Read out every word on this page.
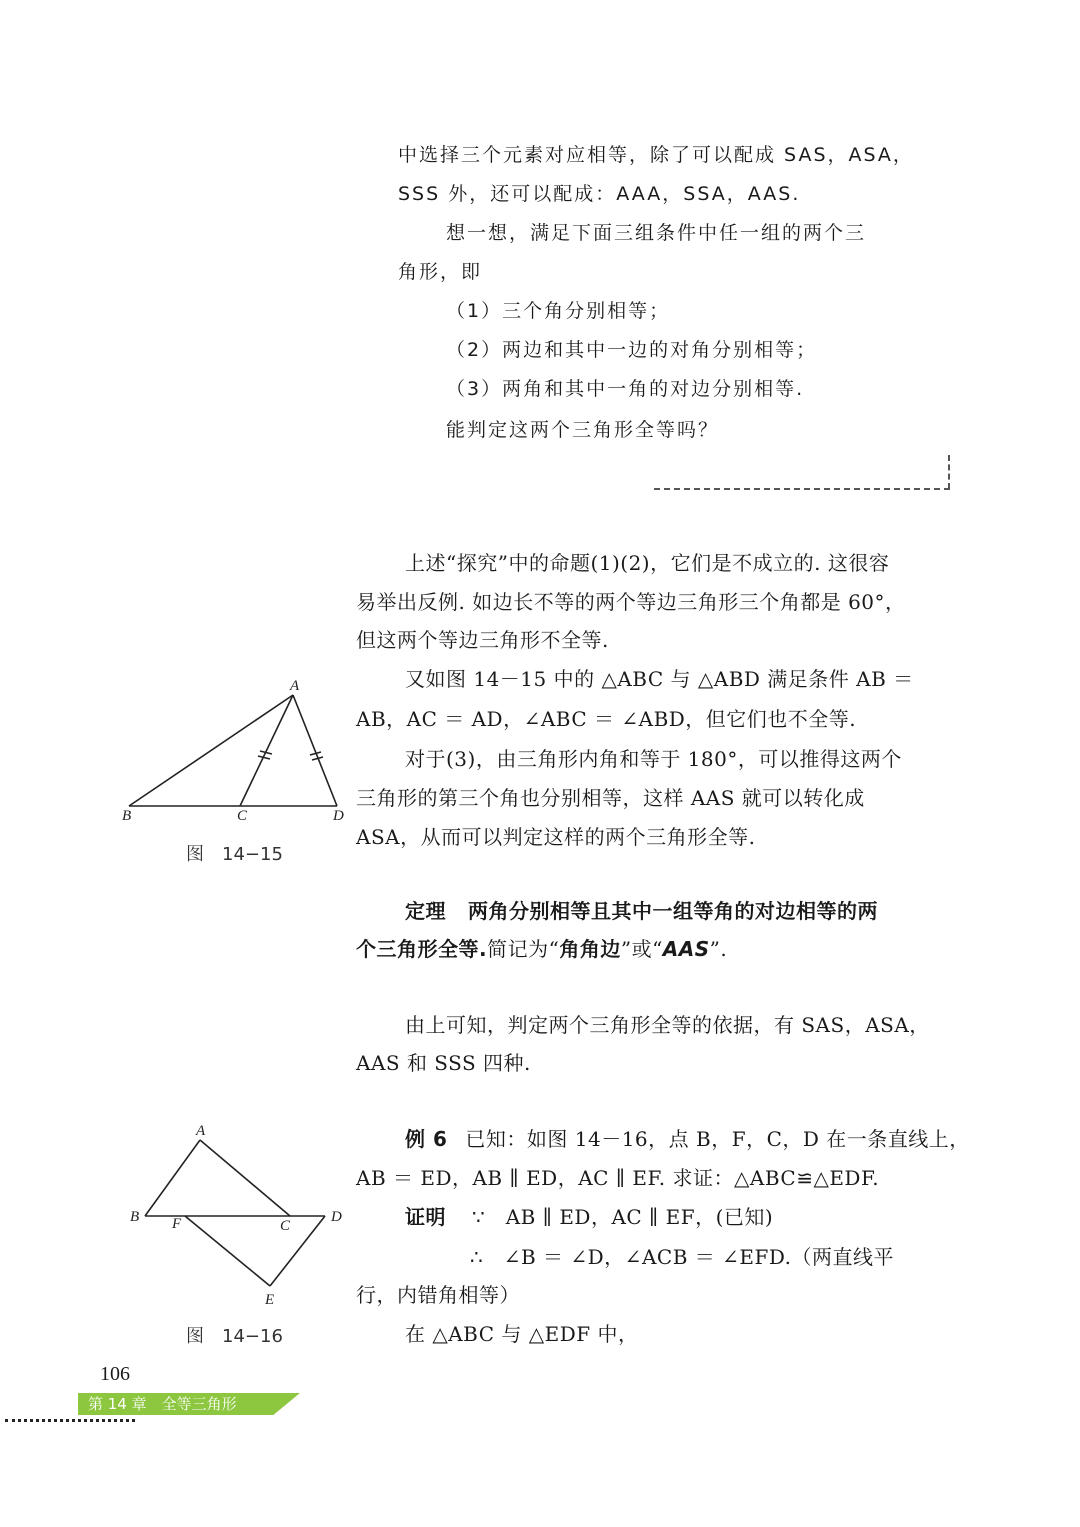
中选择三个元素对应相等，除了可以配成 SAS，ASA，
SSS 外，还可以配成：AAA，SSA，AAS.
想一想，满足下面三组条件中任一组的两个三
角形，即
（1）三个角分别相等；
（2）两边和其中一边的对角分别相等；
（3）两角和其中一角的对边分别相等.
能判定这两个三角形全等吗？
上述“探究”中的命题(1)(2)，它们是不成立的. 这很容
易举出反例. 如边长不等的两个等边三角形三个角都是 60°，
但这两个等边三角形不全等.
又如图 14－15 中的 △ABC 与 △ABD 满足条件 AB ＝
AB，AC ＝ AD，∠ABC ＝ ∠ABD，但它们也不全等.
对于(3)，由三角形内角和等于 180°，可以推得这两个
三角形的第三个角也分别相等，这样 AAS 就可以转化成
ASA，从而可以判定这样的两个三角形全等.
定理 两角分别相等且其中一组等角的对边相等的两
个三角形全等.简记为“角角边”或“AAS”.
由上可知，判定两个三角形全等的依据，有 SAS，ASA，
AAS 和 SSS 四种.
例 6 已知：如图 14－16，点 B，F，C，D 在一条直线上，
AB ＝ ED，AB ∥ ED，AC ∥ EF. 求证：△ABC≌△EDF.
证明 ∵　AB ∥ ED，AC ∥ EF，(已知)
∴　∠B ＝ ∠D，∠ACB ＝ ∠EFD.（两直线平
行，内错角相等）
在 △ABC 与 △EDF 中，
A
B	C	D
图　14−15
A
B F	C
D
E
图　14−16
106
第 14 章　全等三角形
